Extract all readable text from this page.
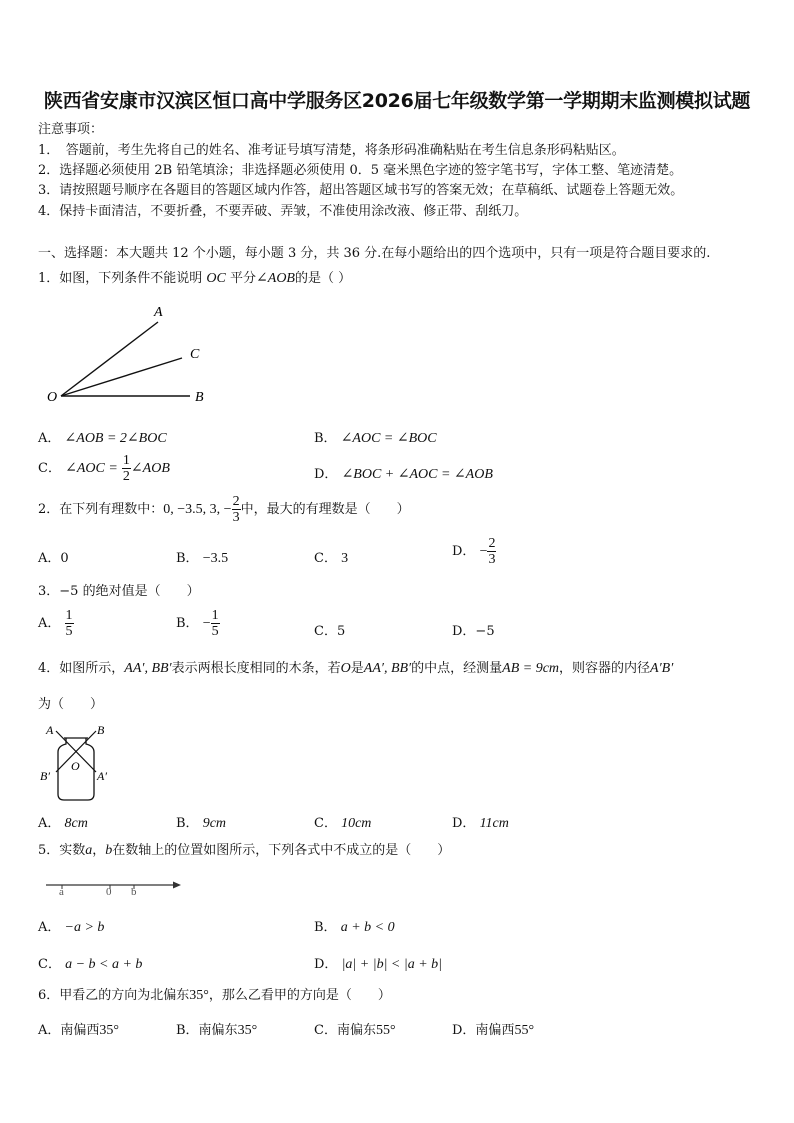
陕西省安康市汉滨区恒口高中学服务区2026届七年级数学第一学期期末监测模拟试题
注意事项：
1．　答题前，考生先将自己的姓名、准考证号填写清楚，将条形码准确粘贴在考生信息条形码粘贴区。
2．选择题必须使用 2B 铅笔填涂；非选择题必须使用 0．5 毫米黑色字迹的签字笔书写，字体工整、笔迹清楚。
3．请按照题号顺序在各题目的答题区域内作答，超出答题区域书写的答案无效；在草稿纸、试题卷上答题无效。
4．保持卡面清洁，不要折叠，不要弄破、弄皱，不准使用涂改液、修正带、刮纸刀。
一、选择题：本大题共 12 个小题，每小题 3 分，共 36 分.在每小题给出的四个选项中，只有一项是符合题目要求的.
1．如图，下列条件不能说明 OC 平分∠AOB的是（ ）
A
C
O	B
A． ∠AOB = 2∠BOC	B． ∠AOC = ∠BOC
C． ∠AOC = $\frac{1}{2}$ ∠AOB	D． ∠BOC + ∠AOC = ∠AOB
2．在下列有理数中：0, −3.5, 3, − $\frac{2}{3}$ 中，最大的有理数是（　　）
A．0	B． −3.5	C． 3	D． − $\frac{2}{3}$
3．−5 的绝对值是（　　）
A． $\frac{1}{5}$	B． − $\frac{1}{5}$	C．5	D．−5
4．如图所示，AA′, BB′表示两根长度相同的木条，若O是AA′, BB′的中点，经测量AB = 9cm，则容器的内径A′B′
为（　　）
A	B
B′	A′
O
A． 8cm	B． 9cm	C． 10cm	D． 11cm
5．实数a，b在数轴上的位置如图所示，下列各式中不成立的是（　　）
a	0 b
A． −a > b	B． a + b < 0
C． a − b < a + b	D． |a| + |b| < |a + b|
6．甲看乙的方向为北偏东35°，那么乙看甲的方向是（　　）
A．南偏西35°	B．南偏东35°	C．南偏东55°	D．南偏西55°
